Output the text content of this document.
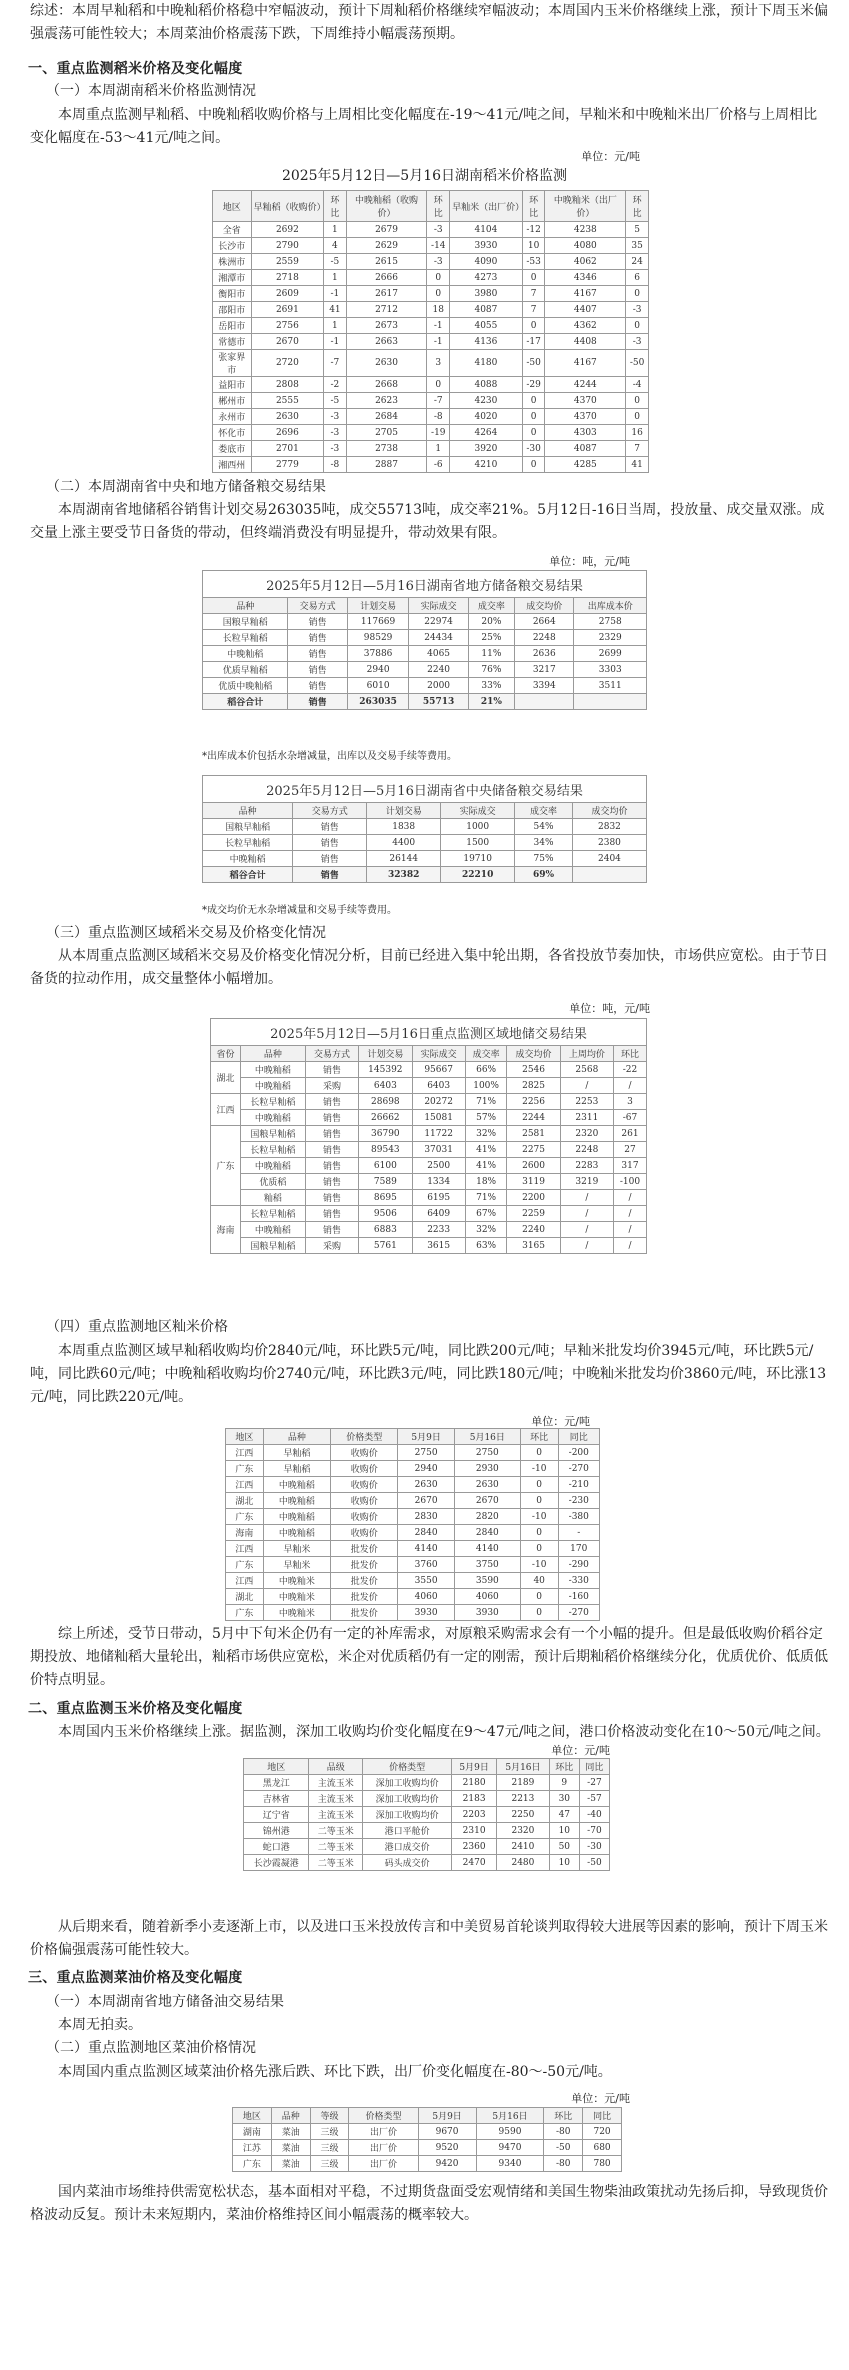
综述：本周早籼稻和中晚籼稻价格稳中窄幅波动，预计下周籼稻价格继续窄幅波动；本周国内玉米价格继续上涨，预计下周玉米偏强震荡可能性较大；本周菜油价格震荡下跌，下周维持小幅震荡预期。
一、重点监测稻米价格及变化幅度
（一）本周湖南稻米价格监测情况
本周重点监测早籼稻、中晚籼稻收购价格与上周相比变化幅度在-19～41元/吨之间，早籼米和中晚籼米出厂价格与上周相比变化幅度在-53～41元/吨之间。
单位：元/吨
2025年5月12日—5月16日湖南稻米价格监测
地区	早籼稻（收购价）	环比	中晚籼稻（收购价）	环比	早籼米（出厂价）	环比	中晚籼米（出厂价）	环比
全省	2692	1	2679	-3	4104	-12	4238	5
长沙市	2790	4	2629	-14	3930	10	4080	35
株洲市	2559	-5	2615	-3	4090	-53	4062	24
湘潭市	2718	1	2666	0	4273	0	4346	6
衡阳市	2609	-1	2617	0	3980	7	4167	0
邵阳市	2691	41	2712	18	4087	7	4407	-3
岳阳市	2756	1	2673	-1	4055	0	4362	0
常德市	2670	-1	2663	-1	4136	-17	4408	-3
张家界市	2720	-7	2630	3	4180	-50	4167	-50
益阳市	2808	-2	2668	0	4088	-29	4244	-4
郴州市	2555	-5	2623	-7	4230	0	4370	0
永州市	2630	-3	2684	-8	4020	0	4370	0
怀化市	2696	-3	2705	-19	4264	0	4303	16
娄底市	2701	-3	2738	1	3920	-30	4087	7
湘西州	2779	-8	2887	-6	4210	0	4285	41
（二）本周湖南省中央和地方储备粮交易结果
本周湖南省地储稻谷销售计划交易263035吨，成交55713吨，成交率21%。5月12日-16日当周，投放量、成交量双涨。成交量上涨主要受节日备货的带动，但终端消费没有明显提升，带动效果有限。
单位：吨，元/吨
2025年5月12日—5月16日湖南省地方储备粮交易结果						
品种	交易方式	计划交易	实际成交	成交率	成交均价	出库成本价
国粮早籼稻	销售	117669	22974	20%	2664	2758
长粒早籼稻	销售	98529	24434	25%	2248	2329
中晚籼稻	销售	37886	4065	11%	2636	2699
优质早籼稻	销售	2940	2240	76%	3217	3303
优质中晚籼稻	销售	6010	2000	33%	3394	3511
稻谷合计	销售	263035	55713	21%		
*出库成本价包括水杂增减量，出库以及交易手续等费用。
2025年5月12日—5月16日湖南省中央储备粮交易结果					
品种	交易方式	计划交易	实际成交	成交率	成交均价
国粮早籼稻	销售	1838	1000	54%	2832
长粒早籼稻	销售	4400	1500	34%	2380
中晚籼稻	销售	26144	19710	75%	2404
稻谷合计	销售	32382	22210	69%	
*成交均价无水杂增减量和交易手续等费用。
（三）重点监测区域稻米交易及价格变化情况
从本周重点监测区域稻米交易及价格变化情况分析，目前已经进入集中轮出期，各省投放节奏加快，市场供应宽松。由于节日备货的拉动作用，成交量整体小幅增加。
单位：吨，元/吨
2025年5月12日—5月16日重点监测区域地储交易结果								
省份	品种	交易方式	计划交易	实际成交	成交率	成交均价	上周均价	环比
湖北	中晚籼稻	销售	145392	95667	66%	2546	2568	-22
	中晚籼稻	采购	6403	6403	100%	2825	/	/
江西	长粒早籼稻	销售	28698	20272	71%	2256	2253	3
	中晚籼稻	销售	26662	15081	57%	2244	2311	-67
广东	国粮早籼稻	销售	36790	11722	32%	2581	2320	261
	长粒早籼稻	销售	89543	37031	41%	2275	2248	27
	中晚籼稻	销售	6100	2500	41%	2600	2283	317
	优质稻	销售	7589	1334	18%	3119	3219	-100
	籼稻	销售	8695	6195	71%	2200	/	/
海南	长粒早籼稻	销售	9506	6409	67%	2259	/	/
	中晚籼稻	销售	6883	2233	32%	2240	/	/
	国粮早籼稻	采购	5761	3615	63%	3165	/	/
（四）重点监测地区籼米价格
本周重点监测区域早籼稻收购均价2840元/吨，环比跌5元/吨，同比跌200元/吨；早籼米批发均价3945元/吨，环比跌5元/吨，同比跌60元/吨；中晚籼稻收购均价2740元/吨，环比跌3元/吨，同比跌180元/吨；中晚籼米批发均价3860元/吨，环比涨13元/吨，同比跌220元/吨。
单位：元/吨
地区	品种	价格类型	5月9日	5月16日	环比	同比
江西	早籼稻	收购价	2750	2750	0	-200
广东	早籼稻	收购价	2940	2930	-10	-270
江西	中晚籼稻	收购价	2630	2630	0	-210
湖北	中晚籼稻	收购价	2670	2670	0	-230
广东	中晚籼稻	收购价	2830	2820	-10	-380
海南	中晚籼稻	收购价	2840	2840	0	-
江西	早籼米	批发价	4140	4140	0	170
广东	早籼米	批发价	3760	3750	-10	-290
江西	中晚籼米	批发价	3550	3590	40	-330
湖北	中晚籼米	批发价	4060	4060	0	-160
广东	中晚籼米	批发价	3930	3930	0	-270
综上所述，受节日带动，5月中下旬米企仍有一定的补库需求，对原粮采购需求会有一个小幅的提升。但是最低收购价稻谷定期投放、地储籼稻大量轮出，籼稻市场供应宽松，米企对优质稻仍有一定的刚需，预计后期籼稻价格继续分化，优质优价、低质低价特点明显。
二、重点监测玉米价格及变化幅度
本周国内玉米价格继续上涨。据监测，深加工收购均价变化幅度在9～47元/吨之间，港口价格波动变化在10～50元/吨之间。
单位：元/吨
地区	品级	价格类型	5月9日	5月16日	环比	同比
黑龙江	主流玉米	深加工收购均价	2180	2189	9	-27
吉林省	主流玉米	深加工收购均价	2183	2213	30	-57
辽宁省	主流玉米	深加工收购均价	2203	2250	47	-40
锦州港	二等玉米	港口平舱价	2310	2320	10	-70
蛇口港	二等玉米	港口成交价	2360	2410	50	-30
长沙霞凝港	二等玉米	码头成交价	2470	2480	10	-50
从后期来看，随着新季小麦逐渐上市，以及进口玉米投放传言和中美贸易首轮谈判取得较大进展等因素的影响，预计下周玉米价格偏强震荡可能性较大。
三、重点监测菜油价格及变化幅度
（一）本周湖南省地方储备油交易结果
本周无拍卖。
（二）重点监测地区菜油价格情况
本周国内重点监测区域菜油价格先涨后跌、环比下跌，出厂价变化幅度在-80～-50元/吨。
单位：元/吨
地区	品种	等级	价格类型	5月9日	5月16日	环比	同比
湖南	菜油	三级	出厂价	9670	9590	-80	720
江苏	菜油	三级	出厂价	9520	9470	-50	680
广东	菜油	三级	出厂价	9420	9340	-80	780
国内菜油市场维持供需宽松状态，基本面相对平稳，不过期货盘面受宏观情绪和美国生物柴油政策扰动先扬后抑，导致现货价格波动反复。预计未来短期内，菜油价格维持区间小幅震荡的概率较大。
